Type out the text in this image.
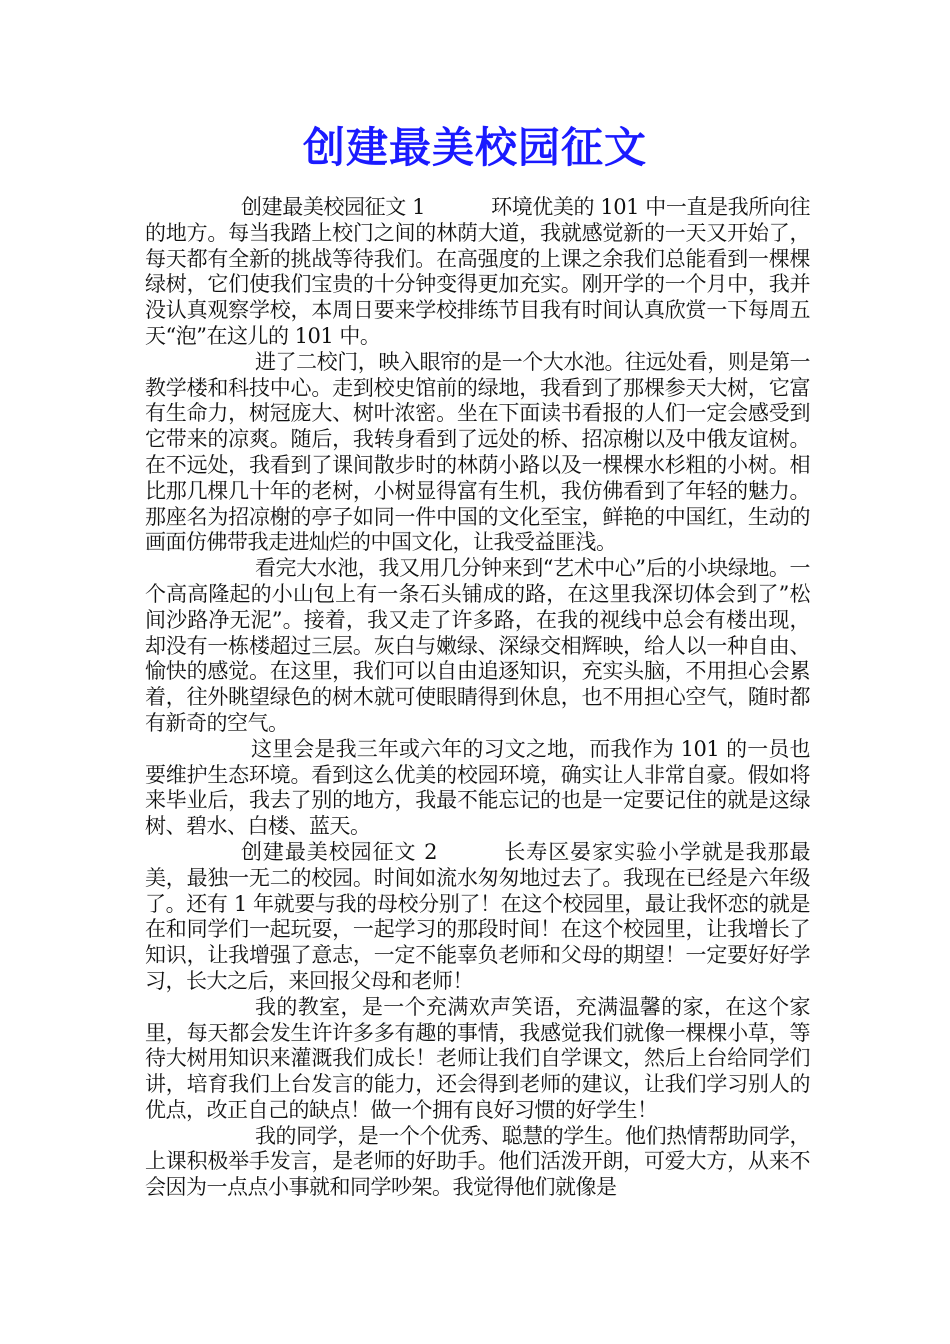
创建最美校园征文

创建最美校园征文 1	环境优美的 101 中一直是我所向往的地方。每当我踏上校门之间的林荫大道，我就感觉新的一天又开始了，每天都有全新的挑战等待我们。在高强度的上课之余我们总能看到一棵棵绿树，它们使我们宝贵的十分钟变得更加充实。刚开学的一个月中，我并没认真观察学校，本周日要来学校排练节目我有时间认真欣赏一下每周五天“泡”在这儿的 101 中。

进了二校门，映入眼帘的是一个大水池。往远处看，则是第一教学楼和科技中心。走到校史馆前的绿地，我看到了那棵参天大树，它富有生命力，树冠庞大、树叶浓密。坐在下面读书看报的人们一定会感受到它带来的凉爽。随后，我转身看到了远处的桥、招凉榭以及中俄友谊树。在不远处，我看到了课间散步时的林荫小路以及一棵棵水杉粗的小树。相比那几棵几十年的老树，小树显得富有生机，我仿佛看到了年轻的魅力。那座名为招凉榭的亭子如同一件中国的文化至宝，鲜艳的中国红，生动的画面仿佛带我走进灿烂的中国文化，让我受益匪浅。

看完大水池，我又用几分钟来到“艺术中心”后的小块绿地。一个高高隆起的小山包上有一条石头铺成的路，在这里我深切体会到了”松间沙路净无泥”。接着，我又走了许多路，在我的视线中总会有楼出现，却没有一栋楼超过三层。灰白与嫩绿、深绿交相辉映，给人以一种自由、愉快的感觉。在这里，我们可以自由追逐知识，充实头脑，不用担心会累着，往外眺望绿色的树木就可使眼睛得到休息，也不用担心空气，随时都有新奇的空气。

这里会是我三年或六年的习文之地，而我作为 101 的一员也要维护生态环境。看到这么优美的校园环境，确实让人非常自豪。假如将来毕业后，我去了别的地方，我最不能忘记的也是一定要记住的就是这绿树、碧水、白楼、蓝天。

创建最美校园征文 2	长寿区晏家实验小学就是我那最美，最独一无二的校园。时间如流水匆匆地过去了。我现在已经是六年级了。还有 1 年就要与我的母校分别了！在这个校园里，最让我怀恋的就是在和同学们一起玩耍，一起学习的那段时间！在这个校园里，让我增长了知识，让我增强了意志，一定不能辜负老师和父母的期望！一定要好好学习，长大之后，来回报父母和老师！

我的教室，是一个充满欢声笑语，充满温馨的家，在这个家里，每天都会发生许许多多有趣的事情，我感觉我们就像一棵棵小草，等待大树用知识来灌溉我们成长！老师让我们自学课文，然后上台给同学们讲，培育我们上台发言的能力，还会得到老师的建议，让我们学习别人的优点，改正自己的缺点！做一个拥有良好习惯的好学生！

我的同学，是一个个优秀、聪慧的学生。他们热情帮助同学，上课积极举手发言，是老师的好助手。他们活泼开朗，可爱大方，从来不会因为一点点小事就和同学吵架。我觉得他们就像是
